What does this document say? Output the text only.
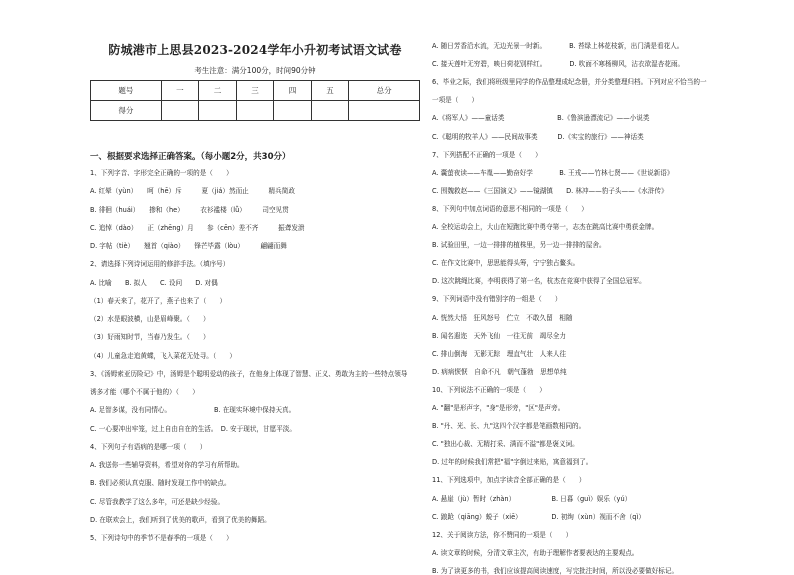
防城港市上思县2023-2024学年小升初考试语文试卷
考生注意：满分100分，时间90分钟
题号	一	二	三	四	五	总分
得分						
一、根据要求选择正确答案。（每小题2分，共30分）
1、下列字音、字形完全正确的一项的是（　　）
A. 红晕（yùn）　　呵（hē）斥　　　夏（jiá）然而止　　　精兵简政
B. 徘徊（huái）　　掺和（he）　　　衣衫褴楼（lǚ）　　　司空见贯
C. 追悼（dào）　　正（zhēng）月　　参（cēn）差不齐　　　振聋发溃
D. 字帖（tiè）　　翘首（qiào）　　锋芒毕露（lòu）　　　翩翩而舞
2、请选择下列诗词运用的修辞手法。（填序号）
A. 比喻　　B. 拟人　　C. 设问　　D. 对偶
（1）春天来了，花开了，燕子也来了（　　）
（2）水是眼波横，山是眉峰聚。（　　）
（3）好雨知时节，当春乃发生。（　　）
（4）儿童急走追黄蝶，飞入菜花无处寻。（　　）
3、《汤姆索亚历险记》中，汤姆是个聪明爱动的孩子，在他身上体现了智慧、正义、勇敢为主的一些特点领导
诱多才能（哪个不属于他的）（　　）
A. 足智多谋，没有同情心。　　　　　　　B. 在现实环境中保持天真。
C. 一心要冲出牢笼，过上自由自在的生活。　D. 安于现状，甘愿平淡。
4、下列句子有语病的是哪一项（　　）
A. 我送你一些辅导资料，希望对你的学习有所帮助。
B. 我们必须认真克服、随时发现工作中的缺点。
C. 尽管我教学了这么多年，可还是缺少经验。
D. 在联欢会上，我们听到了优美的歌声，看到了优美的舞蹈。
5、下列诗句中的季节不是春季的一项是（　　）
A. 随日芳香沿水流，无边光景一时新。　　　　B. 苔绿上林花枝新，出门满是看花人。
C. 接天莲叶无穷碧，映日荷花别样红。　　　　D. 吹面不寒杨柳风，沾衣欲湿杏花雨。
6、毕业之际，我们将班级里同学的作品整理成纪念册，并分类整理归档。下列对应不恰当的一
一项是（　　）
A.《将军人》——童话类　　　　　　　　B.《鲁滨逊漂流记》——小说类
C.《聪明的牧羊人》——民间故事类　　　D.《实宝的旅行》——神话类
7、下列搭配不正确的一项是（　　）
A. 囊萤夜读——车胤——勤奋好学　　　　B. 王戎——竹林七贤——《世说新语》
C. 围魏救赵——《三国演义》——镜湖镇　　D. 林冲——豹子头——《水浒传》
8、下列句中加点词语的意思不相同的一项是（　　）
A. 全校运动会上，大山在短跑比赛中勇夺第一，志杰在跳高比赛中勇获金牌。
B. 试验田里，一边一排排的植株里，另一边一排排的屋舍。
C. 在作文比赛中，思思能得头筹，宁宁独占鳌头。
D. 这次跳绳比赛，李明获得了第一名，杭杰在竞赛中获得了全国总冠军。
9、下列词语中没有错别字的一组是（　　）
A. 恍然大悟　狂风怒号　伫立　不敢久留　相随
B. 闻名遐迩　天外飞仙　一往无前　竭尽全力
C. 排山倒海　无影无踪　理直气壮　人来人往
D. 病病恹恹　自命不凡　朝气蓬勃　思想单纯
10、下列说法不正确的一项是（　　）
A. "翻"是形声字，"身"是形旁，"区"是声旁。
B. "丹、光、长、九"这四个汉字都是笔画数相同的。
C. "独出心裁、无精打采、满而不溢"都是褒义词。
D. 过年的时候我们常把"福"字倒过来贴，寓意福到了。
11、下列选项中，加点字读音全部正确的是（　　）
A. 悬崖（jù）暂时（zhàn）　　　　　　B. 日暮（guì）娱乐（yú）
C. 踉跄（qiāng）蜕子（xiē）　　　　　D. 初绚（xùn）视而不舍（qì）
12、关于阅读方法，你不赞同的一项是（　　）
A. 读文章的时候，分清文章主次，有助于理解作者要表达的主要观点。
B. 为了读更多的书，我们应该提高阅读速度，写完批注时间，所以没必要做好标记。
